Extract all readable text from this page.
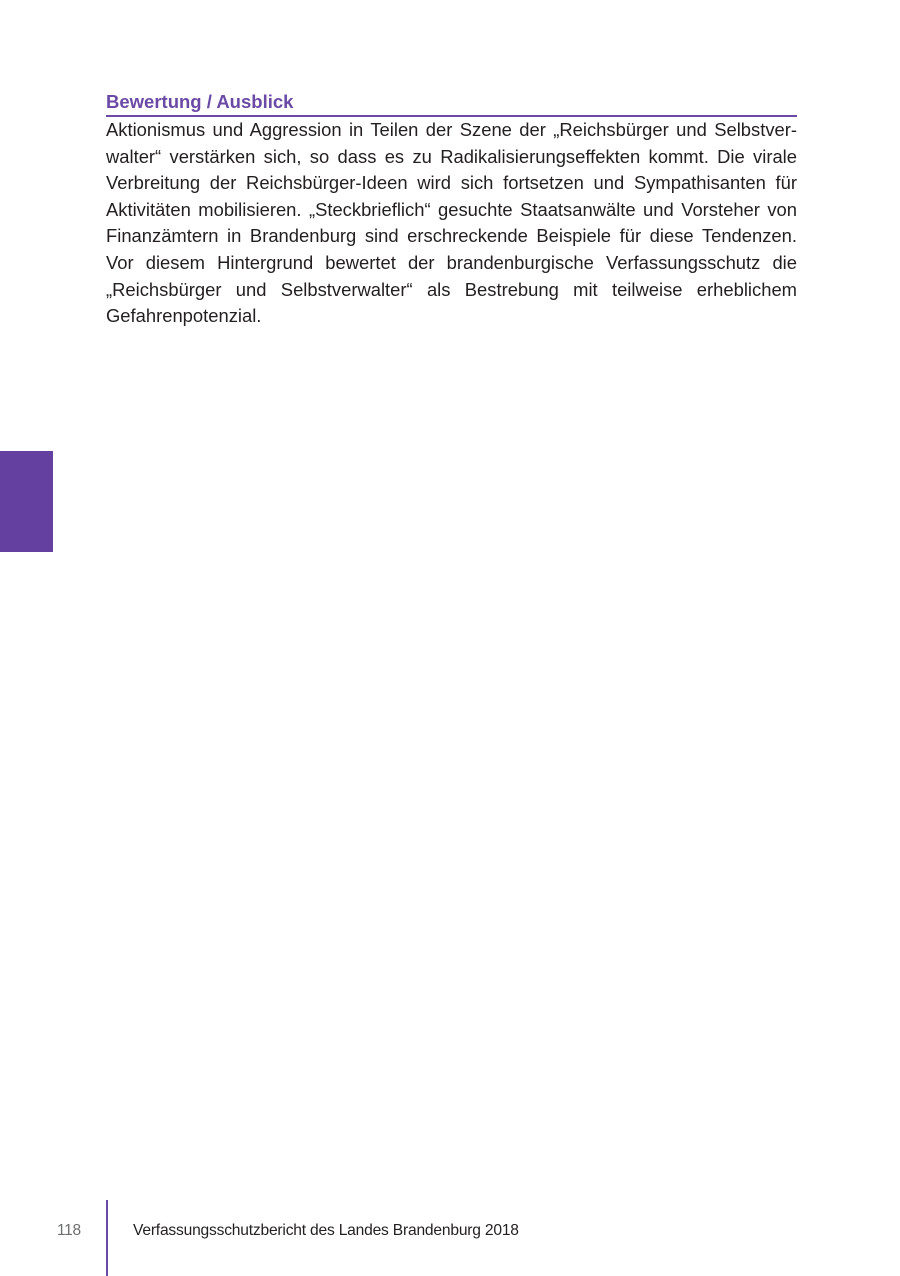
Bewertung / Ausblick

Aktionismus und Aggression in Teilen der Szene der „Reichsbürger und Selbstverwalter“ verstärken sich, so dass es zu Radikalisierungseffekten kommt. Die virale Verbreitung der Reichsbürger-Ideen wird sich fortsetzen und Sympathisanten für Aktivitäten mobilisieren. „Steckbrieflich“ gesuchte Staatsanwälte und Vorsteher von Finanzämtern in Brandenburg sind erschreckende Beispiele für diese Tendenzen. Vor diesem Hintergrund bewertet der brandenburgische Verfassungsschutz die „Reichsbürger und Selbstverwalter“ als Bestrebung mit teilweise erheblichem Gefahrenpotenzial.

118	Verfassungsschutzbericht des Landes Brandenburg 2018
